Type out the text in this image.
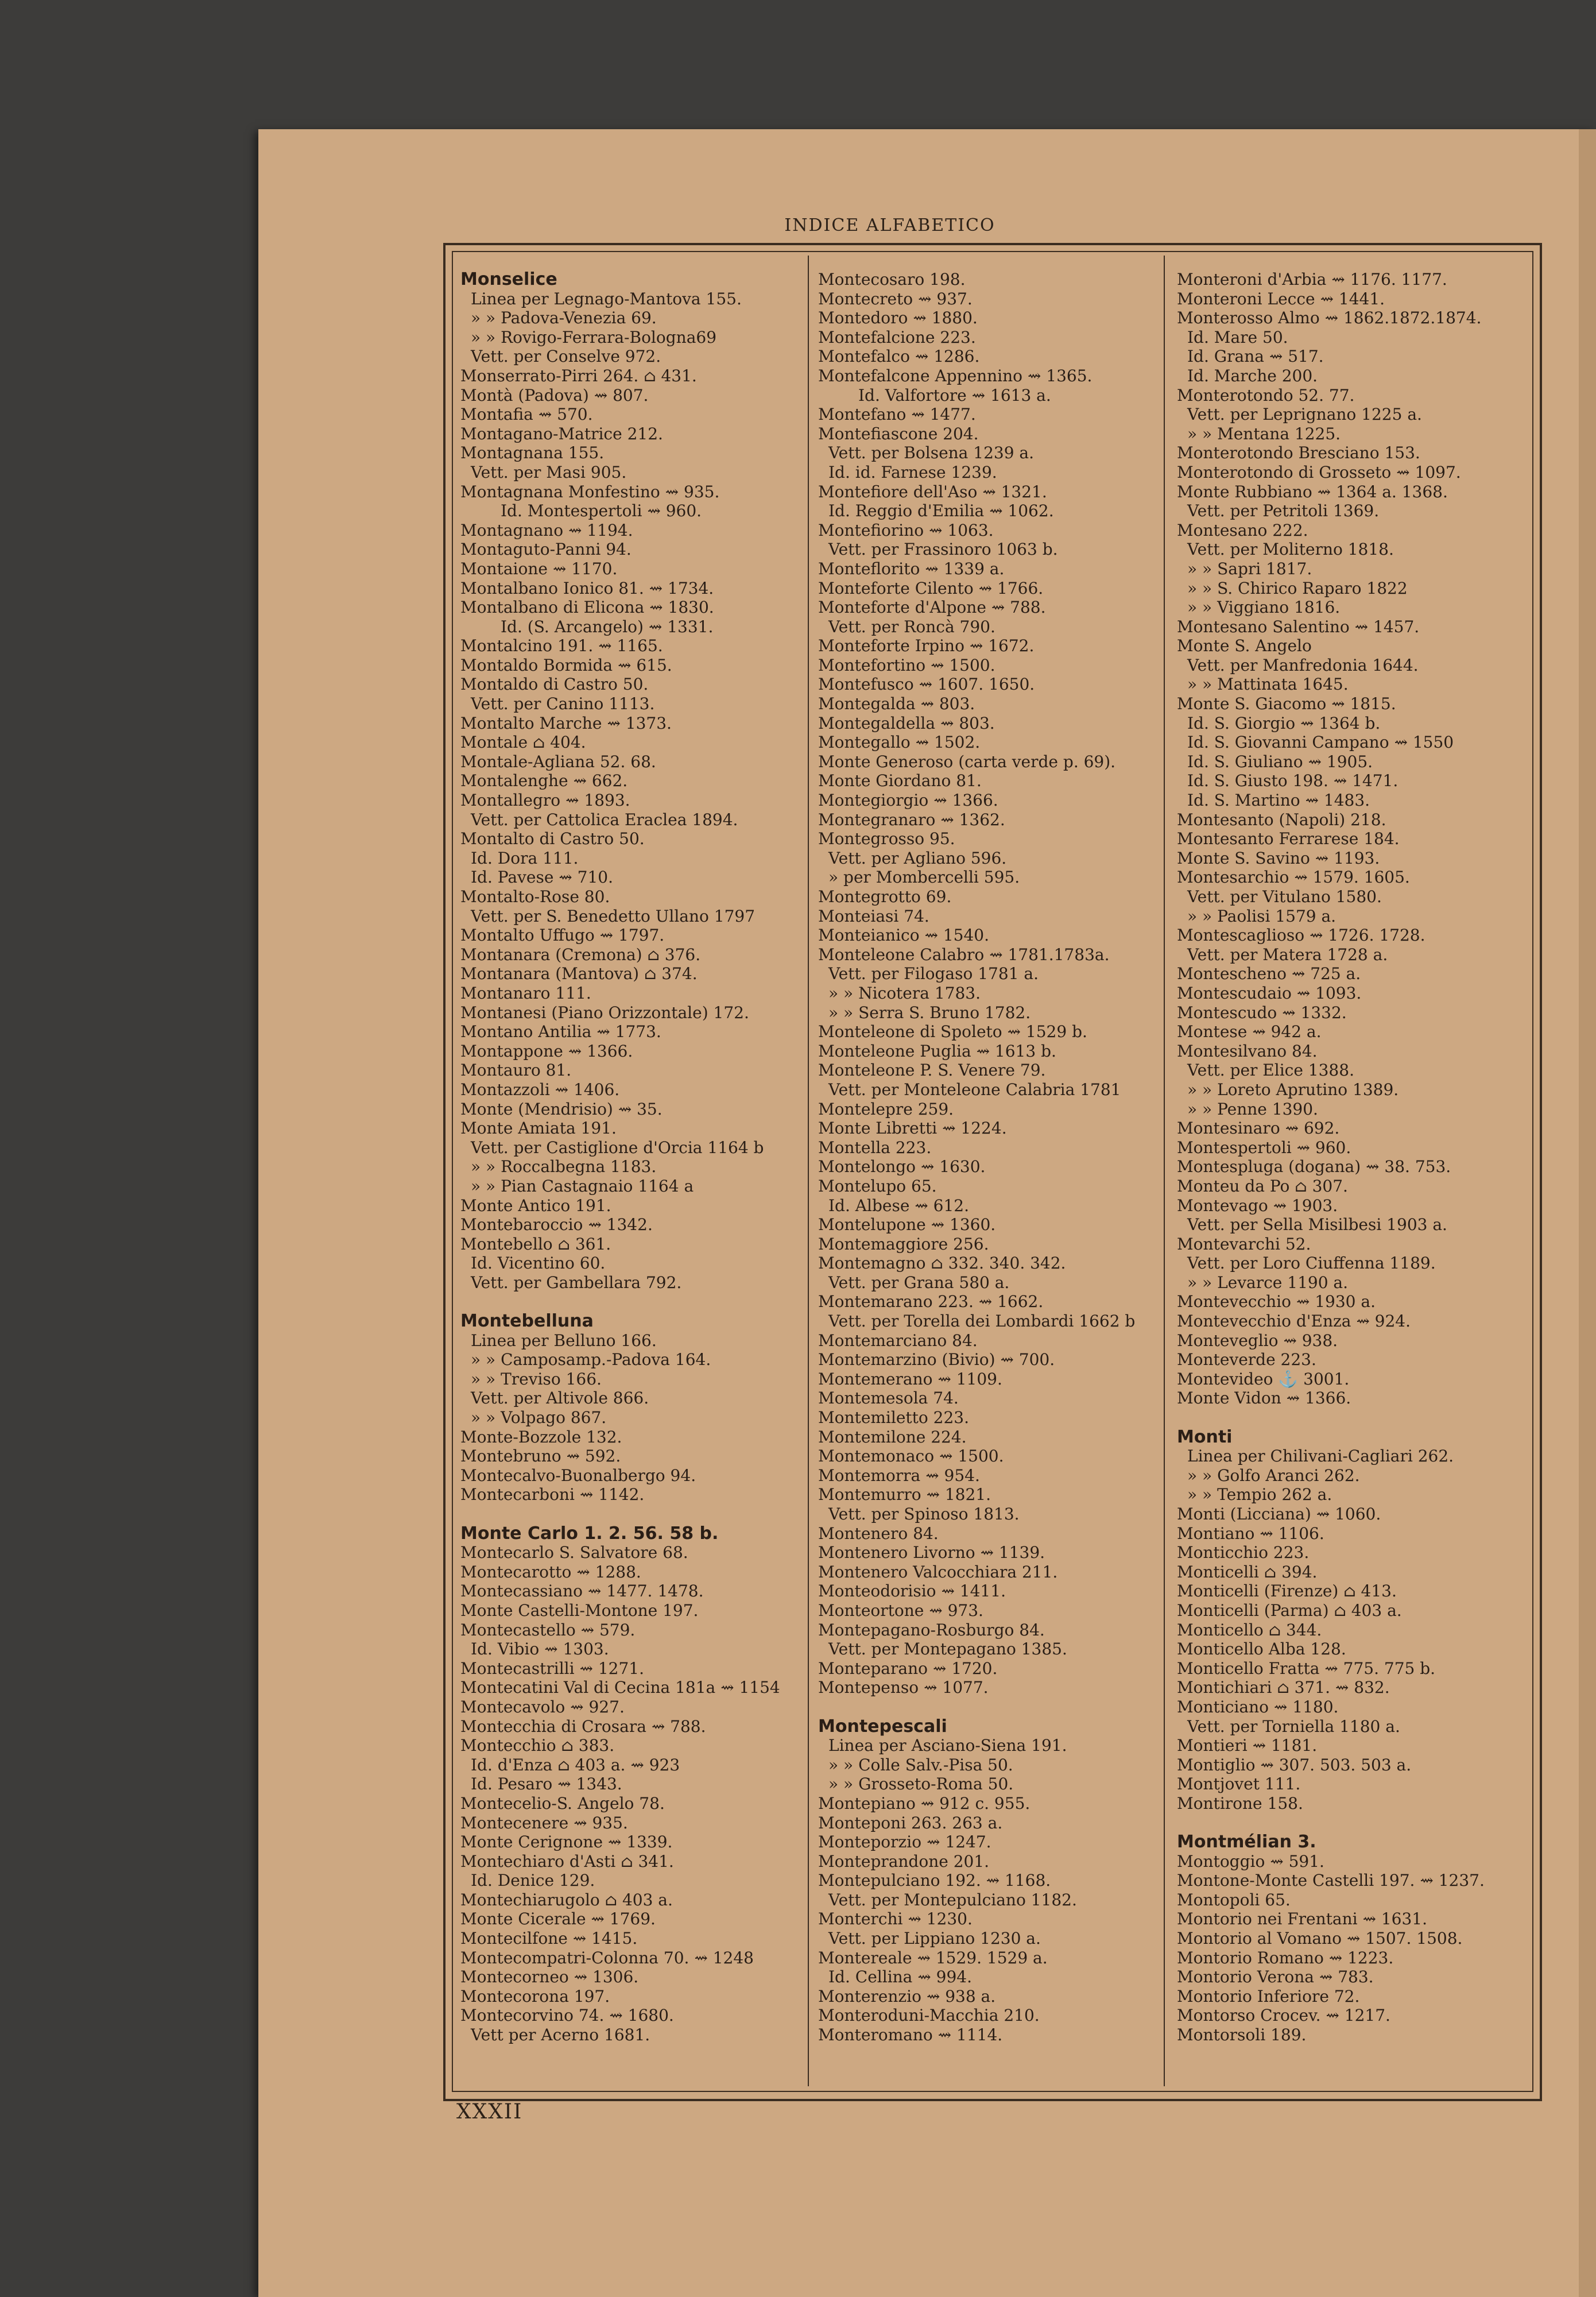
INDICE ALFABETICO
Monselice
Linea per Legnago-Mantova 155.
» » Padova-Venezia 69.
» » Rovigo-Ferrara-Bologna69
Vett. per Conselve 972.
Monserrato-Pirri 264. ⌂ 431.
Montà (Padova) ⇝ 807.
Montafia ⇝ 570.
Montagano-Matrice 212.
Montagnana 155.
Vett. per Masi 905.
Montagnana Monfestino ⇝ 935.
Id. Montespertoli ⇝ 960.
Montagnano ⇝ 1194.
Montaguto-Panni 94.
Montaione ⇝ 1170.
Montalbano Ionico 81. ⇝ 1734.
Montalbano di Elicona ⇝ 1830.
Id. (S. Arcangelo) ⇝ 1331.
Montalcino 191. ⇝ 1165.
Montaldo Bormida ⇝ 615.
Montaldo di Castro 50.
Vett. per Canino 1113.
Montalto Marche ⇝ 1373.
Montale ⌂ 404.
Montale-Agliana 52. 68.
Montalenghe ⇝ 662.
Montallegro ⇝ 1893.
Vett. per Cattolica Eraclea 1894.
Montalto di Castro 50.
Id. Dora 111.
Id. Pavese ⇝ 710.
Montalto-Rose 80.
Vett. per S. Benedetto Ullano 1797
Montalto Uffugo ⇝ 1797.
Montanara (Cremona) ⌂ 376.
Montanara (Mantova) ⌂ 374.
Montanaro 111.
Montanesi (Piano Orizzontale) 172.
Montano Antilia ⇝ 1773.
Montappone ⇝ 1366.
Montauro 81.
Montazzoli ⇝ 1406.
Monte (Mendrisio) ⇝ 35.
Monte Amiata 191.
Vett. per Castiglione d'Orcia 1164 b
» » Roccalbegna 1183.
» » Pian Castagnaio 1164 a
Monte Antico 191.
Montebaroccio ⇝ 1342.
Montebello ⌂ 361.
Id. Vicentino 60.
Vett. per Gambellara 792.
Montebelluna
Linea per Belluno 166.
» » Camposamp.-Padova 164.
» » Treviso 166.
Vett. per Altivole 866.
» » Volpago 867.
Monte-Bozzole 132.
Montebruno ⇝ 592.
Montecalvo-Buonalbergo 94.
Montecarboni ⇝ 1142.
Monte Carlo 1. 2. 56. 58 b.
Montecarlo S. Salvatore 68.
Montecarotto ⇝ 1288.
Montecassiano ⇝ 1477. 1478.
Monte Castelli-Montone 197.
Montecastello ⇝ 579.
Id. Vibio ⇝ 1303.
Montecastrilli ⇝ 1271.
Montecatini Val di Cecina 181a ⇝ 1154
Montecavolo ⇝ 927.
Montecchia di Crosara ⇝ 788.
Montecchio ⌂ 383.
Id. d'Enza ⌂ 403 a. ⇝ 923
Id. Pesaro ⇝ 1343.
Montecelio-S. Angelo 78.
Montecenere ⇝ 935.
Monte Cerignone ⇝ 1339.
Montechiaro d'Asti ⌂ 341.
Id. Denice 129.
Montechiarugolo ⌂ 403 a.
Monte Cicerale ⇝ 1769.
Montecilfone ⇝ 1415.
Montecompatri-Colonna 70. ⇝ 1248
Montecorneo ⇝ 1306.
Montecorona 197.
Montecorvino 74. ⇝ 1680.
Vett per Acerno 1681.
Montecosaro 198.
Montecreto ⇝ 937.
Montedoro ⇝ 1880.
Montefalcione 223.
Montefalco ⇝ 1286.
Montefalcone Appennino ⇝ 1365.
Id. Valfortore ⇝ 1613 a.
Montefano ⇝ 1477.
Montefiascone 204.
Vett. per Bolsena 1239 a.
Id. id. Farnese 1239.
Montefiore dell'Aso ⇝ 1321.
Id. Reggio d'Emilia ⇝ 1062.
Montefiorino ⇝ 1063.
Vett. per Frassinoro 1063 b.
Monteflorito ⇝ 1339 a.
Monteforte Cilento ⇝ 1766.
Monteforte d'Alpone ⇝ 788.
Vett. per Roncà 790.
Monteforte Irpino ⇝ 1672.
Montefortino ⇝ 1500.
Montefusco ⇝ 1607. 1650.
Montegalda ⇝ 803.
Montegaldella ⇝ 803.
Montegallo ⇝ 1502.
Monte Generoso (carta verde p. 69).
Monte Giordano 81.
Montegiorgio ⇝ 1366.
Montegranaro ⇝ 1362.
Montegrosso 95.
Vett. per Agliano 596.
» per Mombercelli 595.
Montegrotto 69.
Monteiasi 74.
Monteianico ⇝ 1540.
Monteleone Calabro ⇝ 1781.1783a.
Vett. per Filogaso 1781 a.
» » Nicotera 1783.
» » Serra S. Bruno 1782.
Monteleone di Spoleto ⇝ 1529 b.
Monteleone Puglia ⇝ 1613 b.
Monteleone P. S. Venere 79.
Vett. per Monteleone Calabria 1781
Montelepre 259.
Monte Libretti ⇝ 1224.
Montella 223.
Montelongo ⇝ 1630.
Montelupo 65.
Id. Albese ⇝ 612.
Montelupone ⇝ 1360.
Montemaggiore 256.
Montemagno ⌂ 332. 340. 342.
Vett. per Grana 580 a.
Montemarano 223. ⇝ 1662.
Vett. per Torella dei Lombardi 1662 b
Montemarciano 84.
Montemarzino (Bivio) ⇝ 700.
Montemerano ⇝ 1109.
Montemesola 74.
Montemiletto 223.
Montemilone 224.
Montemonaco ⇝ 1500.
Montemorra ⇝ 954.
Montemurro ⇝ 1821.
Vett. per Spinoso 1813.
Montenero 84.
Montenero Livorno ⇝ 1139.
Montenero Valcocchiara 211.
Monteodorisio ⇝ 1411.
Monteortone ⇝ 973.
Montepagano-Rosburgo 84.
Vett. per Montepagano 1385.
Monteparano ⇝ 1720.
Montepenso ⇝ 1077.
Montepescali
Linea per Asciano-Siena 191.
» » Colle Salv.-Pisa 50.
» » Grosseto-Roma 50.
Montepiano ⇝ 912 c. 955.
Monteponi 263. 263 a.
Monteporzio ⇝ 1247.
Monteprandone 201.
Montepulciano 192. ⇝ 1168.
Vett. per Montepulciano 1182.
Monterchi ⇝ 1230.
Vett. per Lippiano 1230 a.
Montereale ⇝ 1529. 1529 a.
Id. Cellina ⇝ 994.
Monterenzio ⇝ 938 a.
Monteroduni-Macchia 210.
Monteromano ⇝ 1114.
Monteroni d'Arbia ⇝ 1176. 1177.
Monteroni Lecce ⇝ 1441.
Monterosso Almo ⇝ 1862.1872.1874.
Id. Mare 50.
Id. Grana ⇝ 517.
Id. Marche 200.
Monterotondo 52. 77.
Vett. per Leprignano 1225 a.
» » Mentana 1225.
Monterotondo Bresciano 153.
Monterotondo di Grosseto ⇝ 1097.
Monte Rubbiano ⇝ 1364 a. 1368.
Vett. per Petritoli 1369.
Montesano 222.
Vett. per Moliterno 1818.
» » Sapri 1817.
» » S. Chirico Raparo 1822
» » Viggiano 1816.
Montesano Salentino ⇝ 1457.
Monte S. Angelo
Vett. per Manfredonia 1644.
» » Mattinata 1645.
Monte S. Giacomo ⇝ 1815.
Id. S. Giorgio ⇝ 1364 b.
Id. S. Giovanni Campano ⇝ 1550
Id. S. Giuliano ⇝ 1905.
Id. S. Giusto 198. ⇝ 1471.
Id. S. Martino ⇝ 1483.
Montesanto (Napoli) 218.
Montesanto Ferrarese 184.
Monte S. Savino ⇝ 1193.
Montesarchio ⇝ 1579. 1605.
Vett. per Vitulano 1580.
» » Paolisi 1579 a.
Montescaglioso ⇝ 1726. 1728.
Vett. per Matera 1728 a.
Montescheno ⇝ 725 a.
Montescudaio ⇝ 1093.
Montescudo ⇝ 1332.
Montese ⇝ 942 a.
Montesilvano 84.
Vett. per Elice 1388.
» » Loreto Aprutino 1389.
» » Penne 1390.
Montesinaro ⇝ 692.
Montespertoli ⇝ 960.
Montespluga (dogana) ⇝ 38. 753.
Monteu da Po ⌂ 307.
Montevago ⇝ 1903.
Vett. per Sella Misilbesi 1903 a.
Montevarchi 52.
Vett. per Loro Ciuffenna 1189.
» » Levarce 1190 a.
Montevecchio ⇝ 1930 a.
Montevecchio d'Enza ⇝ 924.
Monteveglio ⇝ 938.
Monteverde 223.
Montevideo ⚓ 3001.
Monte Vidon ⇝ 1366.
Monti
Linea per Chilivani-Cagliari 262.
» » Golfo Aranci 262.
» » Tempio 262 a.
Monti (Licciana) ⇝ 1060.
Montiano ⇝ 1106.
Monticchio 223.
Monticelli ⌂ 394.
Monticelli (Firenze) ⌂ 413.
Monticelli (Parma) ⌂ 403 a.
Monticello ⌂ 344.
Monticello Alba 128.
Monticello Fratta ⇝ 775. 775 b.
Montichiari ⌂ 371. ⇝ 832.
Monticiano ⇝ 1180.
Vett. per Torniella 1180 a.
Montieri ⇝ 1181.
Montiglio ⇝ 307. 503. 503 a.
Montjovet 111.
Montirone 158.
Montmélian 3.
Montoggio ⇝ 591.
Montone-Monte Castelli 197. ⇝ 1237.
Montopoli 65.
Montorio nei Frentani ⇝ 1631.
Montorio al Vomano ⇝ 1507. 1508.
Montorio Romano ⇝ 1223.
Montorio Verona ⇝ 783.
Montorio Inferiore 72.
Montorso Crocev. ⇝ 1217.
Montorsoli 189.
XXXII
